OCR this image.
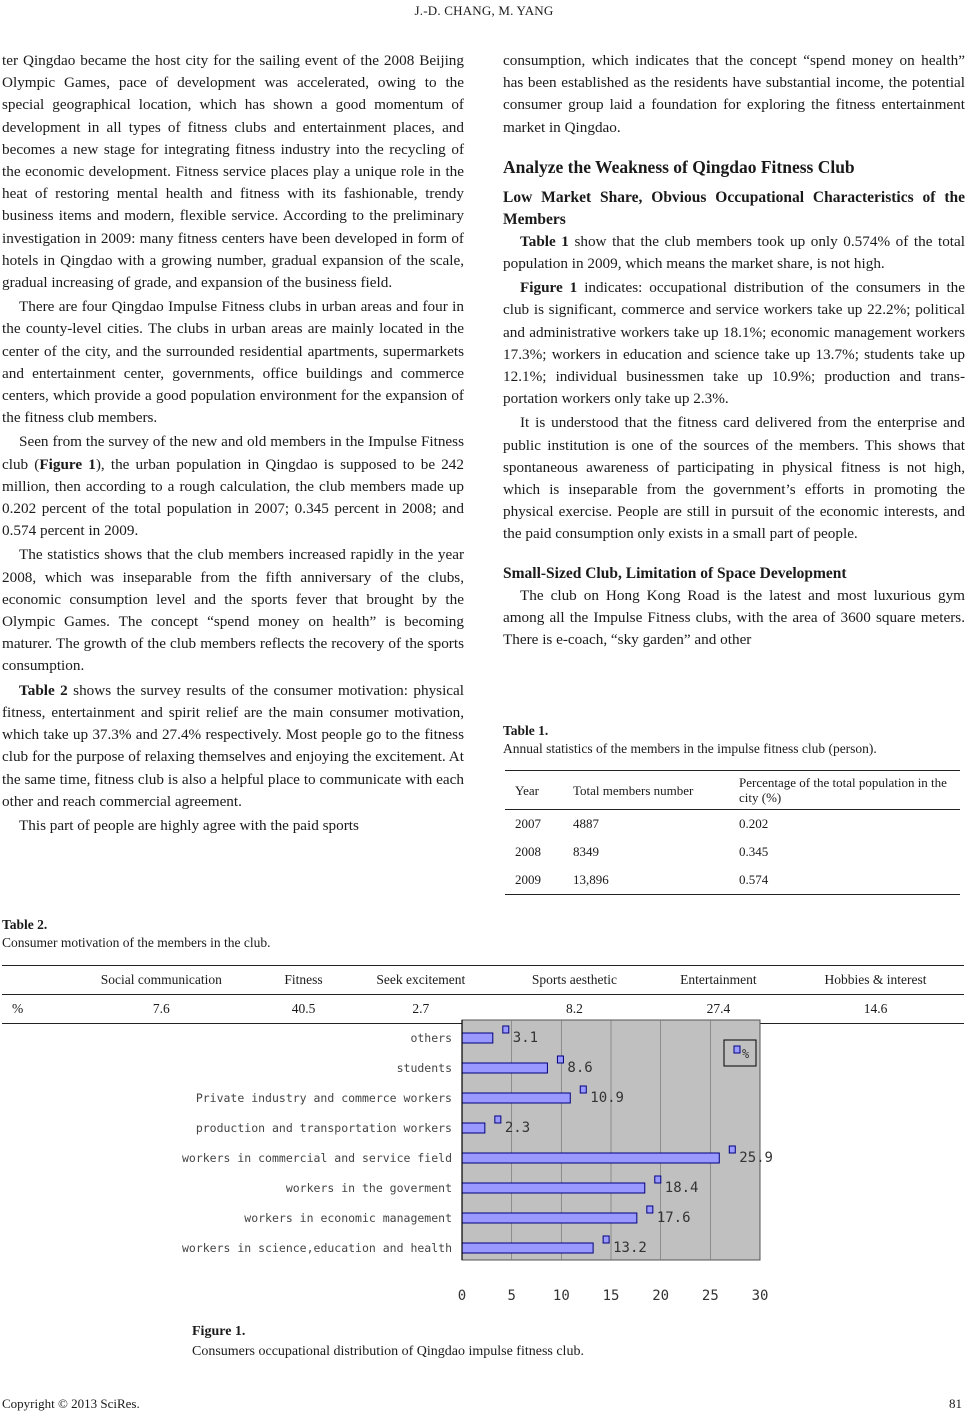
J.-D. CHANG, M. YANG

ter Qingdao became the host city for the sailing event of the 2008 Beijing Olympic Games, pace of development was accelerated, owing to the special geographical location, which has shown a good momentum of development in all types of fitness clubs and entertainment places, and becomes a new stage for integrating fitness industry into the recycling of the economic development. Fitness service places play a unique role in the heat of restoring mental health and fitness with its fashionable, trendy business items and modern, flexible service. According to the preliminary investigation in 2009: many fitness centers have been developed in form of hotels in Qingdao with a growing number, gradual expansion of the scale, gradual increasing of grade, and expansion of the business field.

There are four Qingdao Impulse Fitness clubs in urban areas and four in the county-level cities. The clubs in urban areas are mainly located in the center of the city, and the surrounded residential apartments, supermarkets and entertainment center, governments, office buildings and commerce centers, which provide a good population environment for the expansion of the fitness club members.

Seen from the survey of the new and old members in the Impulse Fitness club (Figure 1), the urban population in Qingdao is supposed to be 242 million, then according to a rough calculation, the club members made up 0.202 percent of the total population in 2007; 0.345 percent in 2008; and 0.574 percent in 2009.

The statistics shows that the club members increased rapidly in the year 2008, which was inseparable from the fifth anniversary of the clubs, economic consumption level and the sports fever that brought by the Olympic Games. The concept “spend money on health” is becoming maturer. The growth of the club members reflects the recovery of the sports consumption.

Table 2 shows the survey results of the consumer motivation: physical fitness, entertainment and spirit relief are the main consumer motivation, which take up 37.3% and 27.4% respectively. Most people go to the fitness club for the purpose of relaxing themselves and enjoying the excitement. At the same time, fitness club is also a helpful place to communicate with each other and reach commercial agreement.

This part of people are highly agree with the paid sports

consumption, which indicates that the concept “spend money on health” has been established as the residents have substantial income, the potential consumer group laid a foundation for exploring the fitness entertainment market in Qingdao.

Analyze the Weakness of Qingdao Fitness Club
Low Market Share, Obvious Occupational Characteristics of the Members

Table 1 show that the club members took up only 0.574% of the total population in 2009, which means the market share, is not high.

Figure 1 indicates: occupational distribution of the consumers in the club is significant, commerce and service workers take up 22.2%; political and administrative workers take up 18.1%; economic management workers 17.3%; workers in education and science take up 13.7%; students take up 12.1%; individual businessmen take up 10.9%; production and transportation workers only take up 2.3%.

It is understood that the fitness card delivered from the enterprise and public institution is one of the sources of the members. This shows that spontaneous awareness of participating in physical fitness is not high, which is inseparable from the government’s efforts in promoting the physical exercise. People are still in pursuit of the economic interests, and the paid consumption only exists in a small part of people.

Small-Sized Club, Limitation of Space Development

The club on Hong Kong Road is the latest and most luxurious gym among all the Impulse Fitness clubs, with the area of 3600 square meters. There is e-coach, “sky garden” and other

Table 1.
Annual statistics of the members in the impulse fitness club (person).
Year	Total members number	Percentage of the total population in the city (%)
2007	4887	0.202
2008	8349	0.345
2009	13,896	0.574
Table 2.
Consumer motivation of the members in the club.
	Social communication	Fitness	Seek excitement	Sports aesthetic	Entertainment	Hobbies & interest
%	7.6	40.5	2.7	8.2	27.4	14.6
0	5	10 15 20 25 30
others	3.1
students	8.6
Private industry and commerce workers	10.9
production and transportation workers	2.3
workers in commercial and service field	25.9
workers in the goverment	18.4
workers in economic management	17.6
workers in science,education and health	13.2
%
Figure 1.
Consumers occupational distribution of Qingdao impulse fitness club.
Copyright © 2013 SciRes.	81
